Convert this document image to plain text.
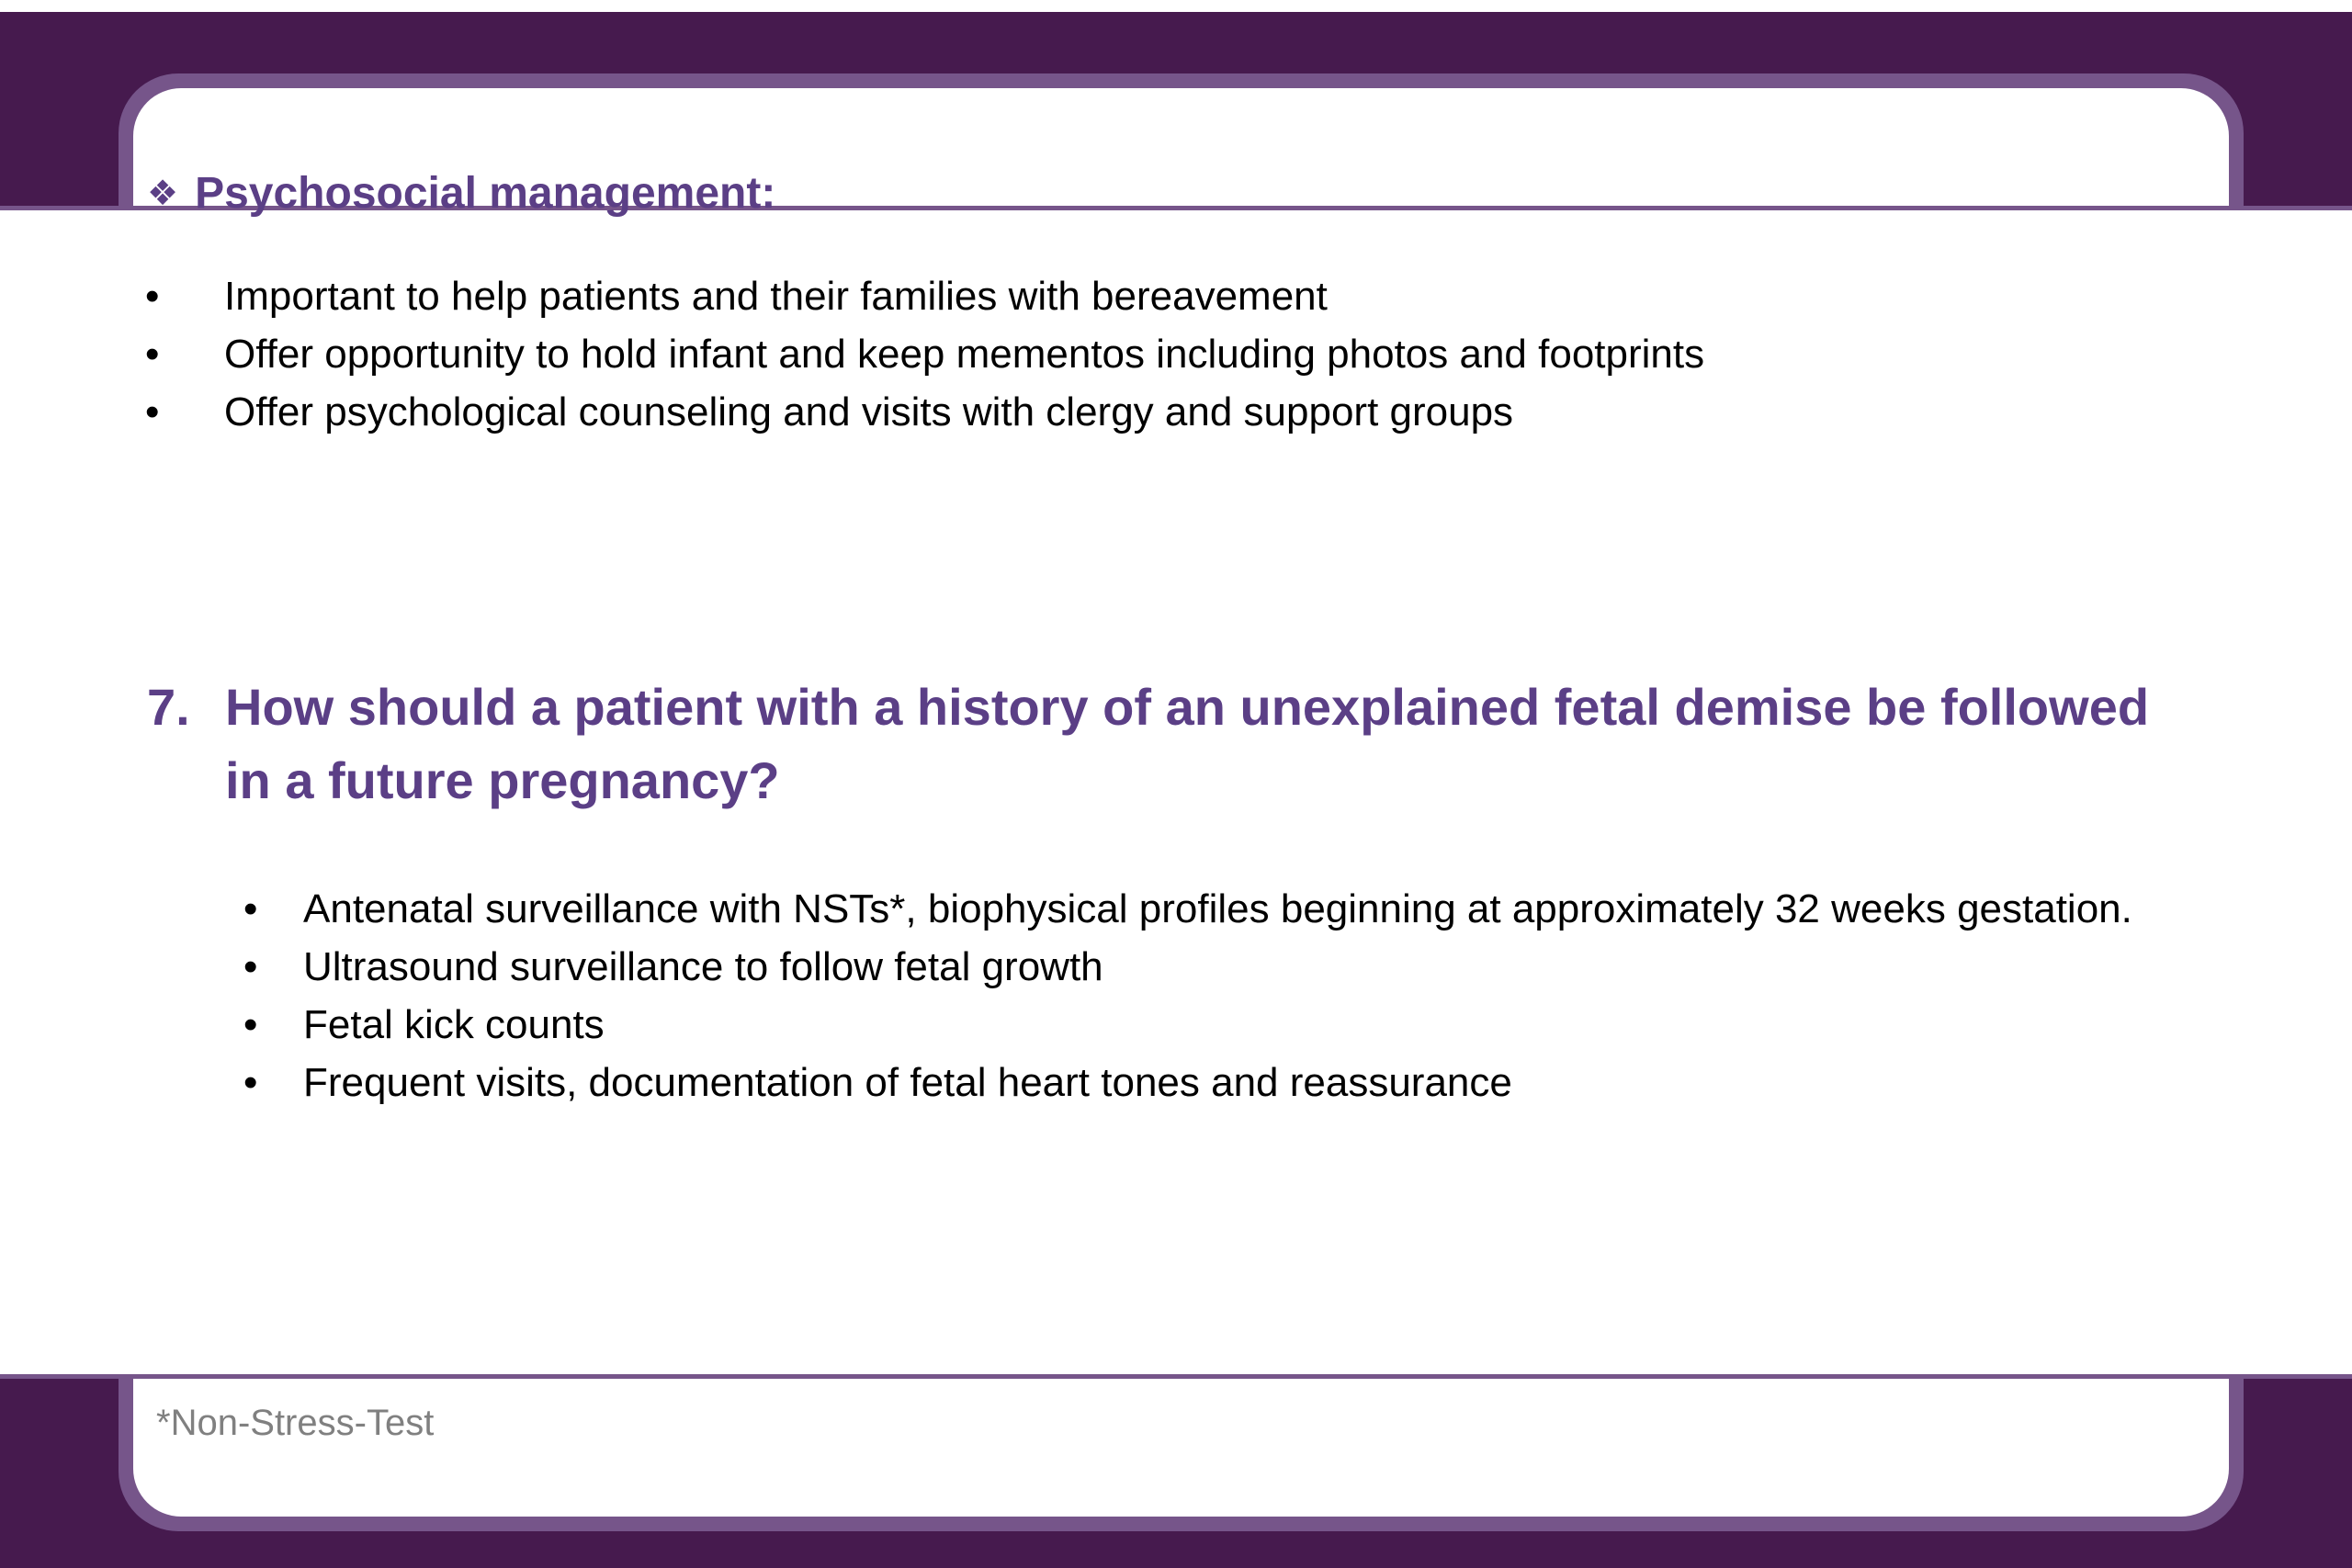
❖ Psychosocial management:
•	Important to help patients and their families with bereavement
•	Offer opportunity to hold infant and keep mementos including photos and footprints
•	Offer psychological counseling and visits with clergy and support groups
7. How should a patient with a history of an unexplained fetal demise be followed
in a future pregnancy?
•	Antenatal surveillance with NSTs*, biophysical profiles beginning at approximately 32 weeks gestation.
•	Ultrasound surveillance to follow fetal growth
•	Fetal kick counts
•	Frequent visits, documentation of fetal heart tones and reassurance

*Non-Stress-Test
